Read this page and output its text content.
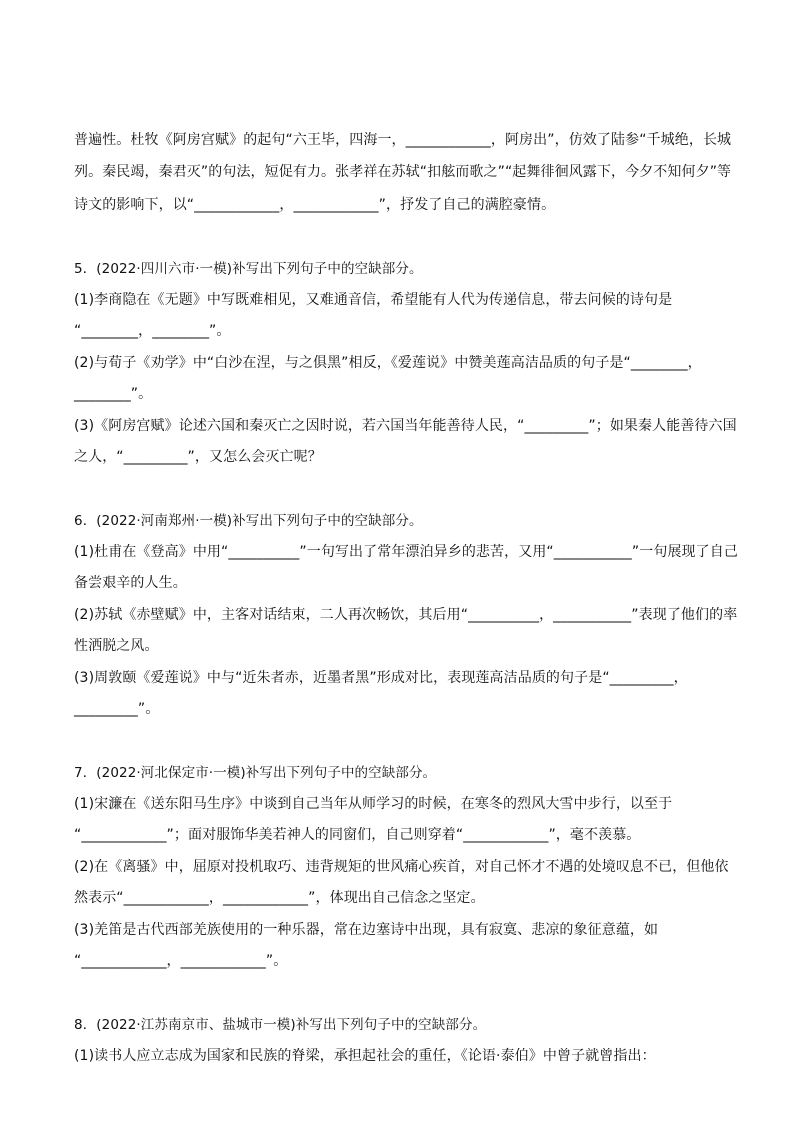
普遍性。杜牧《阿房宫赋》的起句“六王毕，四海一，____________，阿房出”，仿效了陆参“千城绝，长城
列。秦民竭，秦君灭”的句法，短促有力。张孝祥在苏轼“扣舷而歌之”“起舞徘徊风露下，今夕不知何夕”等
诗文的影响下，以“____________，____________”，抒发了自己的满腔豪情。
5．(2022·四川六市·一模)补写出下列句子中的空缺部分。
(1)李商隐在《无题》中写既难相见，又难通音信，希望能有人代为传递信息，带去问候的诗句是
“________，________”。
(2)与荀子《劝学》中“白沙在涅，与之俱黑”相反，《爱莲说》中赞美莲高洁品质的句子是“________，
________”。
(3)《阿房宫赋》论述六国和秦灭亡之因时说，若六国当年能善待人民，“_________”；如果秦人能善待六国
之人，“_________”，又怎么会灭亡呢？
6．(2022·河南郑州·一模)补写出下列句子中的空缺部分。
(1)杜甫在《登高》中用“__________”一句写出了常年漂泊异乡的悲苦，又用“___________”一句展现了自己
备尝艰辛的人生。
(2)苏轼《赤壁赋》中，主客对话结束，二人再次畅饮，其后用“__________，___________”表现了他们的率
性洒脱之风。
(3)周敦颐《爱莲说》中与“近朱者赤，近墨者黑”形成对比，表现莲高洁品质的句子是“_________，
_________”。
7．(2022·河北保定市·一模)补写出下列句子中的空缺部分。
(1)宋濂在《送东阳马生序》中谈到自己当年从师学习的时候，在寒冬的烈风大雪中步行，以至于
“____________”；面对服饰华美若神人的同窗们，自己则穿着“____________”，毫不羡慕。
(2)在《离骚》中，屈原对投机取巧、违背规矩的世风痛心疾首，对自己怀才不遇的处境叹息不已，但他依
然表示“____________，____________”，体现出自己信念之坚定。
(3)羌笛是古代西部羌族使用的一种乐器，常在边塞诗中出现，具有寂寞、悲凉的象征意蕴，如
“____________，____________”。
8．(2022·江苏南京市、盐城市一模)补写出下列句子中的空缺部分。
(1)读书人应立志成为国家和民族的脊梁，承担起社会的重任，《论语·泰伯》中曾子就曾指出：
